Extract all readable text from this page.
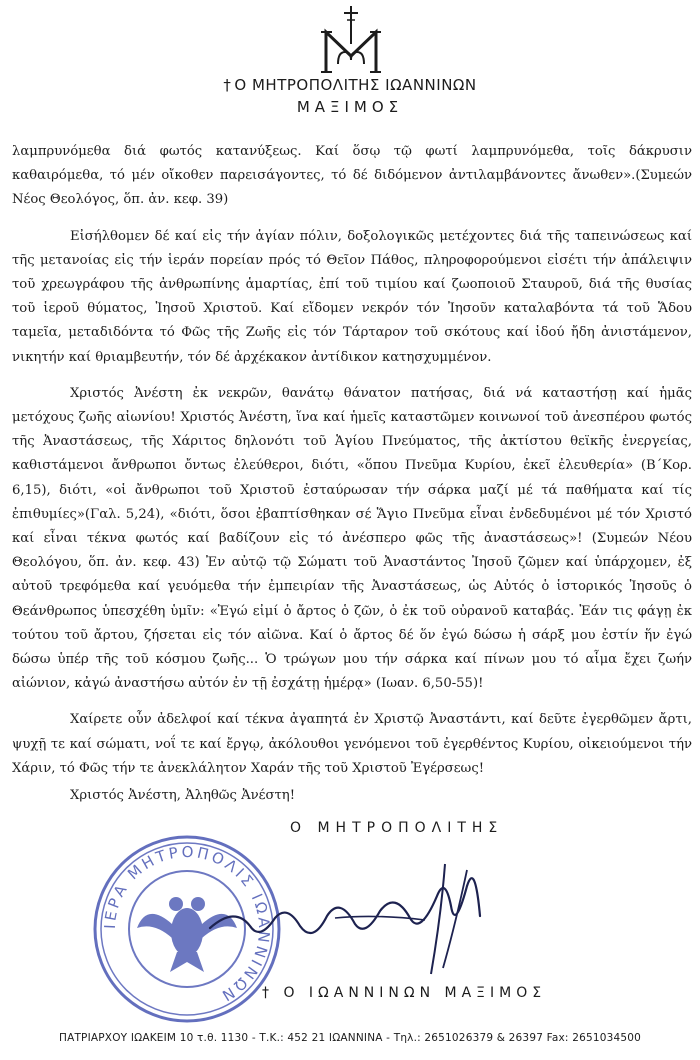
† Ο ΜΗΤΡΟΠΟΛΙΤΗΣ ΙΩΑΝΝΙΝΩΝ
ΜΑΞΙΜΟΣ

λαμπρυνόμεθα διά φωτός κατανύξεως. Καί ὅσῳ τῷ φωτί λαμπρυνόμεθα, τοῖς δάκρυσιν καθαιρόμεθα, τό μέν οἴκοθεν παρεισάγοντες, τό δέ διδόμενον ἀντιλαμβάνοντες ἄνωθεν».(Συμεών Νέος Θεολόγος, ὅπ. ἀν. κεφ. 39)

Εἰσήλθομεν δέ καί εἰς τήν ἁγίαν πόλιν, δοξολογικῶς μετέχοντες διά τῆς ταπεινώσεως καί τῆς μετανοίας εἰς τήν ἱεράν πορείαν πρός τό Θεῖον Πάθος, πληροφορούμενοι εἰσέτι τήν ἀπάλειψιν τοῦ χρεωγράφου τῆς ἀνθρωπίνης ἁμαρτίας, ἐπί τοῦ τιμίου καί ζωοποιοῦ Σταυροῦ, διά τῆς θυσίας τοῦ ἱεροῦ θύματος, Ἰησοῦ Χριστοῦ. Καί εἴδομεν νεκρόν τόν Ἰησοῦν καταλαβόντα τά τοῦ Ἅδου ταμεῖα, μεταδιδόντα τό Φῶς τῆς Ζωῆς εἰς τόν Τάρταρον τοῦ σκότους καί ἰδού ἤδη ἀνιστάμενον, νικητήν καί θριαμβευτήν, τόν δέ ἀρχέκακον ἀντίδικον κατησχυμμένον.

Χριστός Ἀνέστη ἐκ νεκρῶν, θανάτῳ θάνατον πατήσας, διά νά καταστήσῃ καί ἡμᾶς μετόχους ζωῆς αἰωνίου! Χριστός Ἀνέστη, ἵνα καί ἡμεῖς καταστῶμεν κοινωνοί τοῦ ἀνεσπέρου φωτός τῆς Ἀναστάσεως, τῆς Χάριτος δηλονότι τοῦ Ἁγίου Πνεύματος, τῆς ἀκτίστου θεϊκῆς ἐνεργείας, καθιστάμενοι ἄνθρωποι ὄντως ἐλεύθεροι, διότι, «ὅπου Πνεῦμα Κυρίου, ἐκεῖ ἐλευθερία» (Β΄Κορ. 6,15), διότι, «οἱ ἄνθρωποι τοῦ Χριστοῦ ἐσταύρωσαν τήν σάρκα μαζί μέ τά παθήματα καί τίς ἐπιθυμίες»(Γαλ. 5,24), «διότι, ὅσοι ἐβαπτίσθηκαν σέ Ἅγιο Πνεῦμα εἶναι ἐνδεδυμένοι μέ τόν Χριστό καί εἶναι τέκνα φωτός καί βαδίζουν εἰς τό ἀνέσπερο φῶς τῆς ἀναστάσεως»! (Συμεών Νέου Θεολόγου, ὅπ. ἀν. κεφ. 43) Ἐν αὐτῷ τῷ Σώματι τοῦ Ἀναστάντος Ἰησοῦ ζῶμεν καί ὑπάρχομεν, ἐξ αὐτοῦ τρεφόμεθα καί γευόμεθα τήν ἐμπειρίαν τῆς Ἀναστάσεως, ὡς Αὐτός ὁ ἱστορικός Ἰησοῦς ὁ Θεάνθρωπος ὑπεσχέθη ὑμῖν: «Ἐγώ εἰμί ὁ ἄρτος ὁ ζῶν, ὁ ἐκ τοῦ οὐρανοῦ καταβάς. Ἐάν τις φάγῃ ἐκ τούτου τοῦ ἄρτου, ζήσεται εἰς τόν αἰῶνα. Καί ὁ ἄρτος δέ ὅν ἐγώ δώσω ἡ σάρξ μου ἐστίν ἥν ἐγώ δώσω ὑπέρ τῆς τοῦ κόσμου ζωῆς... Ὁ τρώγων μου τήν σάρκα καί πίνων μου τό αἷμα ἔχει ζωήν αἰώνιον, κἀγώ ἀναστήσω αὐτόν ἐν τῇ ἐσχάτῃ ἡμέρᾳ» (Ιωαν. 6,50-55)!

Χαίρετε οὖν ἀδελφοί καί τέκνα ἀγαπητά ἐν Χριστῷ Ἀναστάντι, καί δεῦτε ἐγερθῶμεν ἄρτι, ψυχῇ τε καί σώματι, νοΐ τε καί ἔργῳ, ἀκόλουθοι γενόμενοι τοῦ ἐγερθέντος Κυρίου, οἰκειούμενοι τήν Χάριν, τό Φῶς τήν τε ἀνεκλάλητον Χαράν τῆς τοῦ Χριστοῦ Ἐγέρσεως!

Χριστός Ἀνέστη, Ἀληθῶς Ἀνέστη!
ΙΕΡΑ ΜΗΤΡΟΠΟΛΙΣ ΙΩΑΝΝΙΝΩΝ
Ο ΜΗΤΡΟΠΟΛΙΤΗΣ
† Ο ΙΩΑΝΝΙΝΩΝ ΜΑΞΙΜΟΣ
ΠΑΤΡΙΑΡΧΟΥ ΙΩΑΚΕΙΜ 10 τ.θ. 1130 - Τ.Κ.: 452 21 ΙΩΑΝΝΙΝΑ - Τηλ.: 2651026379 & 26397 Fax: 2651034500
